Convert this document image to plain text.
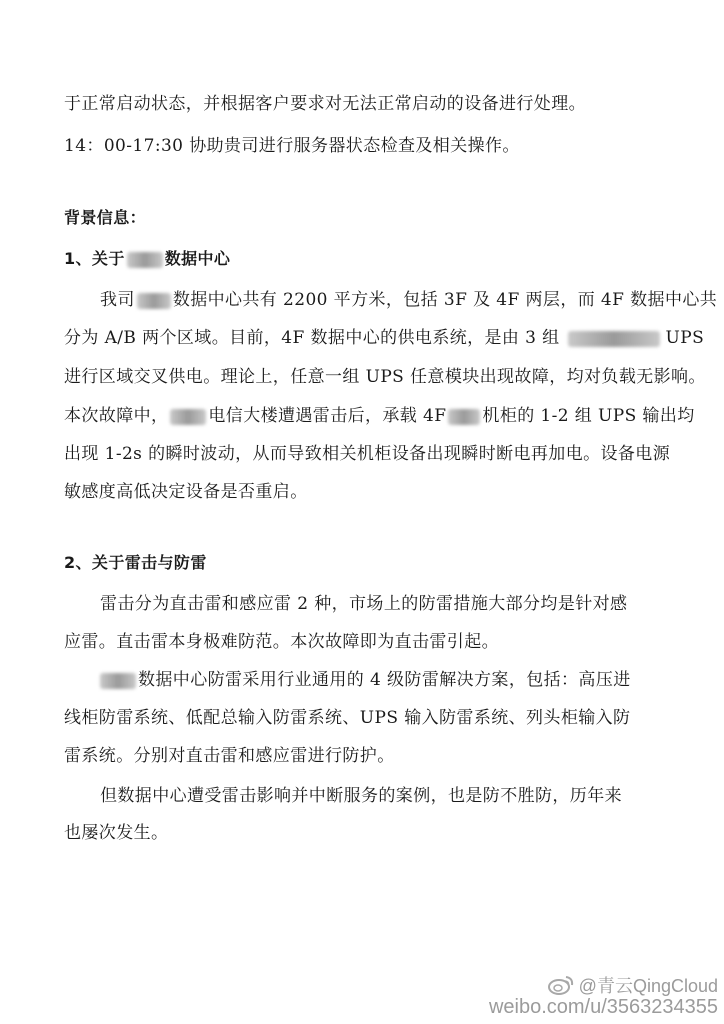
于正常启动状态，并根据客户要求对无法正常启动的设备进行处理。
14：00-17:30 协助贵司进行服务器状态检查及相关操作。
背景信息：
1、关于	数据中心
我司 数据中心共有 2200 平方米，包括 3F 及 4F 两层，而 4F 数据中心共
分为 A/B 两个区域。目前，4F 数据中心的供电系统，是由 3 组	UPS
进行区域交叉供电。理论上，任意一组 UPS 任意模块出现故障，均对负载无影响。
本次故障中， 电信大楼遭遇雷击后，承载 4F 机柜的 1-2 组 UPS 输出均
出现 1-2s 的瞬时波动，从而导致相关机柜设备出现瞬时断电再加电。设备电源
敏感度高低决定设备是否重启。
2、关于雷击与防雷
雷击分为直击雷和感应雷 2 种，市场上的防雷措施大部分均是针对感
应雷。直击雷本身极难防范。本次故障即为直击雷引起。
数据中心防雷采用行业通用的 4 级防雷解决方案，包括：高压进
线柜防雷系统、低配总输入防雷系统、UPS 输入防雷系统、列头柜输入防
雷系统。分别对直击雷和感应雷进行防护。
但数据中心遭受雷击影响并中断服务的案例，也是防不胜防，历年来
也屡次发生。
@青云QingCloud
weibo.com/u/3563234355
